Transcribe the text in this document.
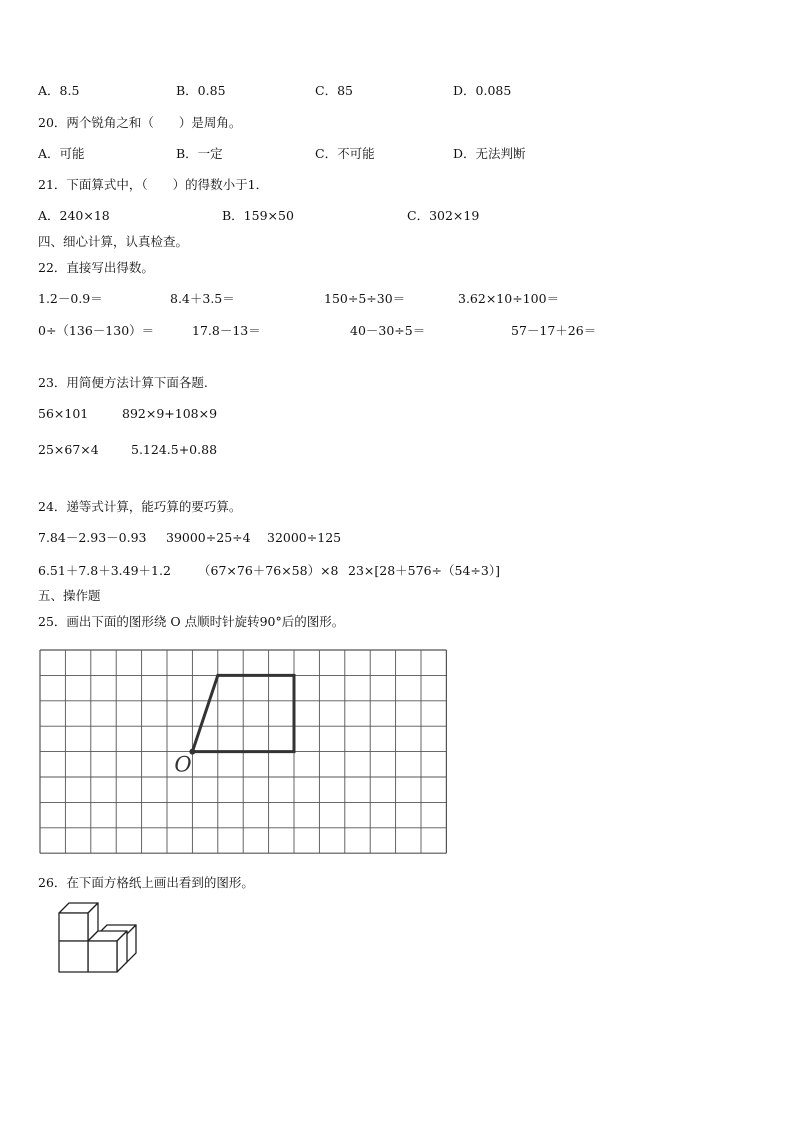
A．8.5	B．0.85	C．85	D．0.085
20．两个锐角之和（　　）是周角。
A．可能	B．一定	C．不可能	D．无法判断
21．下面算式中，（　　）的得数小于1．
A．240×18	B．159×50	C．302×19
四、细心计算，认真检查。
22．直接写出得数。
1.2－0.9＝	8.4＋3.5＝	150÷5÷30＝	3.62×10÷100＝
0÷（136－130）＝	17.8－13＝	40－30÷5＝	57－17＋26＝
23．用简便方法计算下面各题.
56×101	892×9+108×9
25×67×4	5.124.5+0.88
24．递等式计算，能巧算的要巧算。
7.84－2.93－0.93 39000÷25÷4 32000÷125
6.51＋7.8＋3.49＋1.2 （67×76＋76×58）×8 23×[28＋576÷（54÷3）]
五、操作题
25．画出下面的图形绕 O 点顺时针旋转90°后的图形。
O
26．在下面方格纸上画出看到的图形。
